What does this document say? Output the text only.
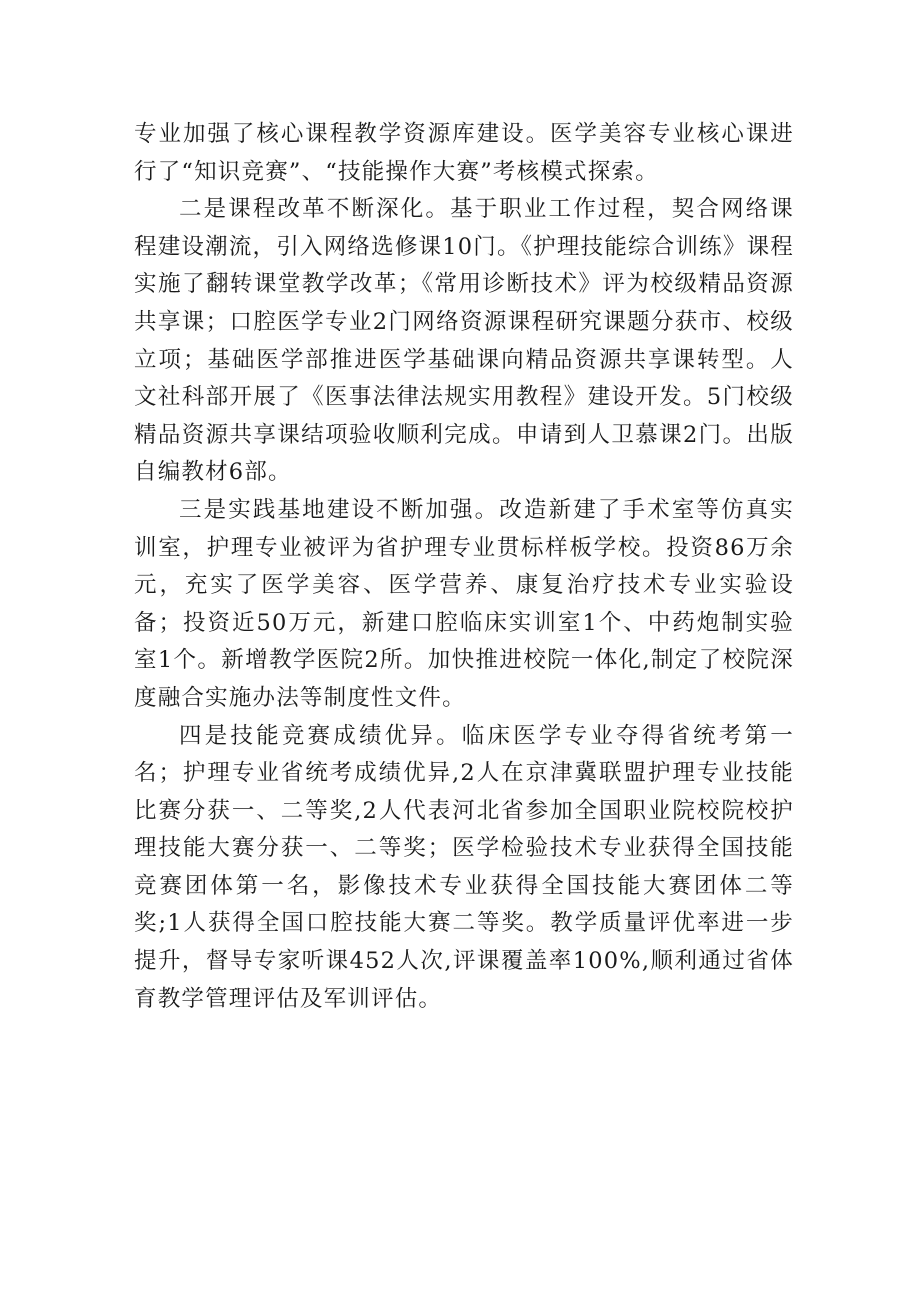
专业加强了核心课程教学资源库建设。医学美容专业核心课进行了“知识竞赛”、“技能操作大赛”考核模式探索。

二是课程改革不断深化。基于职业工作过程，契合网络课程建设潮流，引入网络选修课10门。《护理技能综合训练》课程实施了翻转课堂教学改革；《常用诊断技术》评为校级精品资源共享课；口腔医学专业2门网络资源课程研究课题分获市、校级立项；基础医学部推进医学基础课向精品资源共享课转型。人文社科部开展了《医事法律法规实用教程》建设开发。5门校级精品资源共享课结项验收顺利完成。申请到人卫慕课2门。出版自编教材6部。

三是实践基地建设不断加强。改造新建了手术室等仿真实训室，护理专业被评为省护理专业贯标样板学校。投资86万余元，充实了医学美容、医学营养、康复治疗技术专业实验设备；投资近50万元，新建口腔临床实训室1个、中药炮制实验室1个。新增教学医院2所。加快推进校院一体化,制定了校院深度融合实施办法等制度性文件。

四是技能竞赛成绩优异。临床医学专业夺得省统考第一名；护理专业省统考成绩优异,2人在京津冀联盟护理专业技能比赛分获一、二等奖,2人代表河北省参加全国职业院校院校护理技能大赛分获一、二等奖；医学检验技术专业获得全国技能竞赛团体第一名，影像技术专业获得全国技能大赛团体二等奖;1人获得全国口腔技能大赛二等奖。教学质量评优率进一步提升，督导专家听课452人次,评课覆盖率100%,顺利通过省体育教学管理评估及军训评估。
